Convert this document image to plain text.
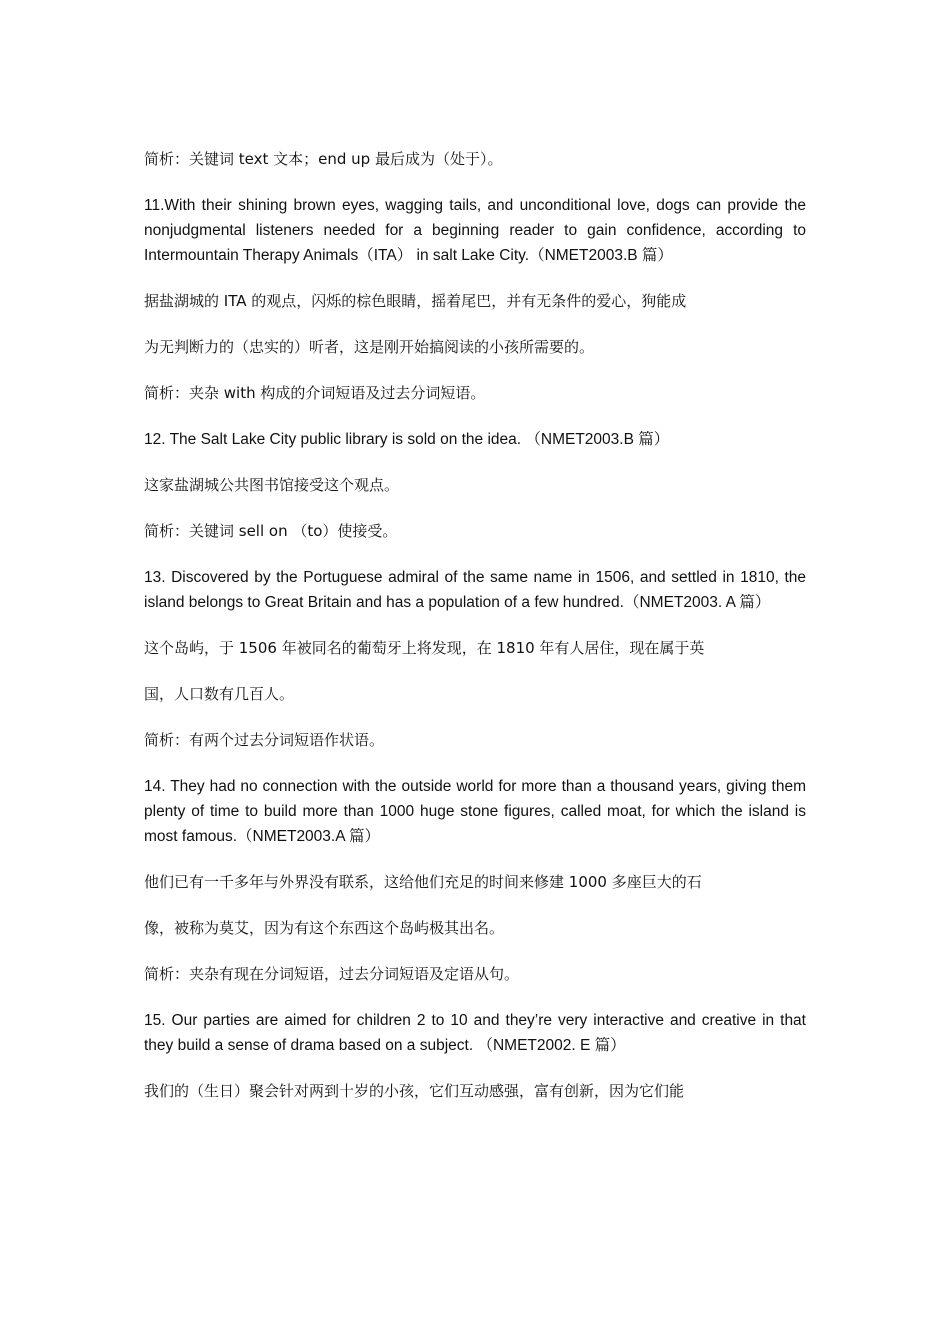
简析：关键词 text 文本；end up 最后成为（处于）。

11.With their shining brown eyes, wagging tails, and unconditional love, dogs can provide the nonjudgmental listeners needed for a beginning reader to gain confidence, according to Intermountain Therapy Animals（ITA） in salt Lake City.（NMET2003.B 篇）

据盐湖城的 ITA 的观点，闪烁的棕色眼睛，摇着尾巴，并有无条件的爱心，狗能成

为无判断力的（忠实的）听者，这是刚开始搞阅读的小孩所需要的。

简析：夹杂 with 构成的介词短语及过去分词短语。

12. The Salt Lake City public library is sold on the idea. （NMET2003.B 篇）

这家盐湖城公共图书馆接受这个观点。

简析：关键词 sell on （to）使接受。

13. Discovered by the Portuguese admiral of the same name in 1506, and settled in 1810, the island belongs to Great Britain and has a population of a few hundred.（NMET2003. A 篇）

这个岛屿，于 1506 年被同名的葡萄牙上将发现，在 1810 年有人居住，现在属于英

国，人口数有几百人。

简析：有两个过去分词短语作状语。

14. They had no connection with the outside world for more than a thousand years, giving them plenty of time to build more than 1000 huge stone figures, called moat, for which the island is most famous.（NMET2003.A 篇）

他们已有一千多年与外界没有联系，这给他们充足的时间来修建 1000 多座巨大的石

像，被称为莫艾，因为有这个东西这个岛屿极其出名。

简析：夹杂有现在分词短语，过去分词短语及定语从句。

15. Our parties are aimed for children 2 to 10 and they’re very interactive and creative in that they build a sense of drama based on a subject. （NMET2002. E 篇）

我们的（生日）聚会针对两到十岁的小孩，它们互动感强，富有创新，因为它们能
